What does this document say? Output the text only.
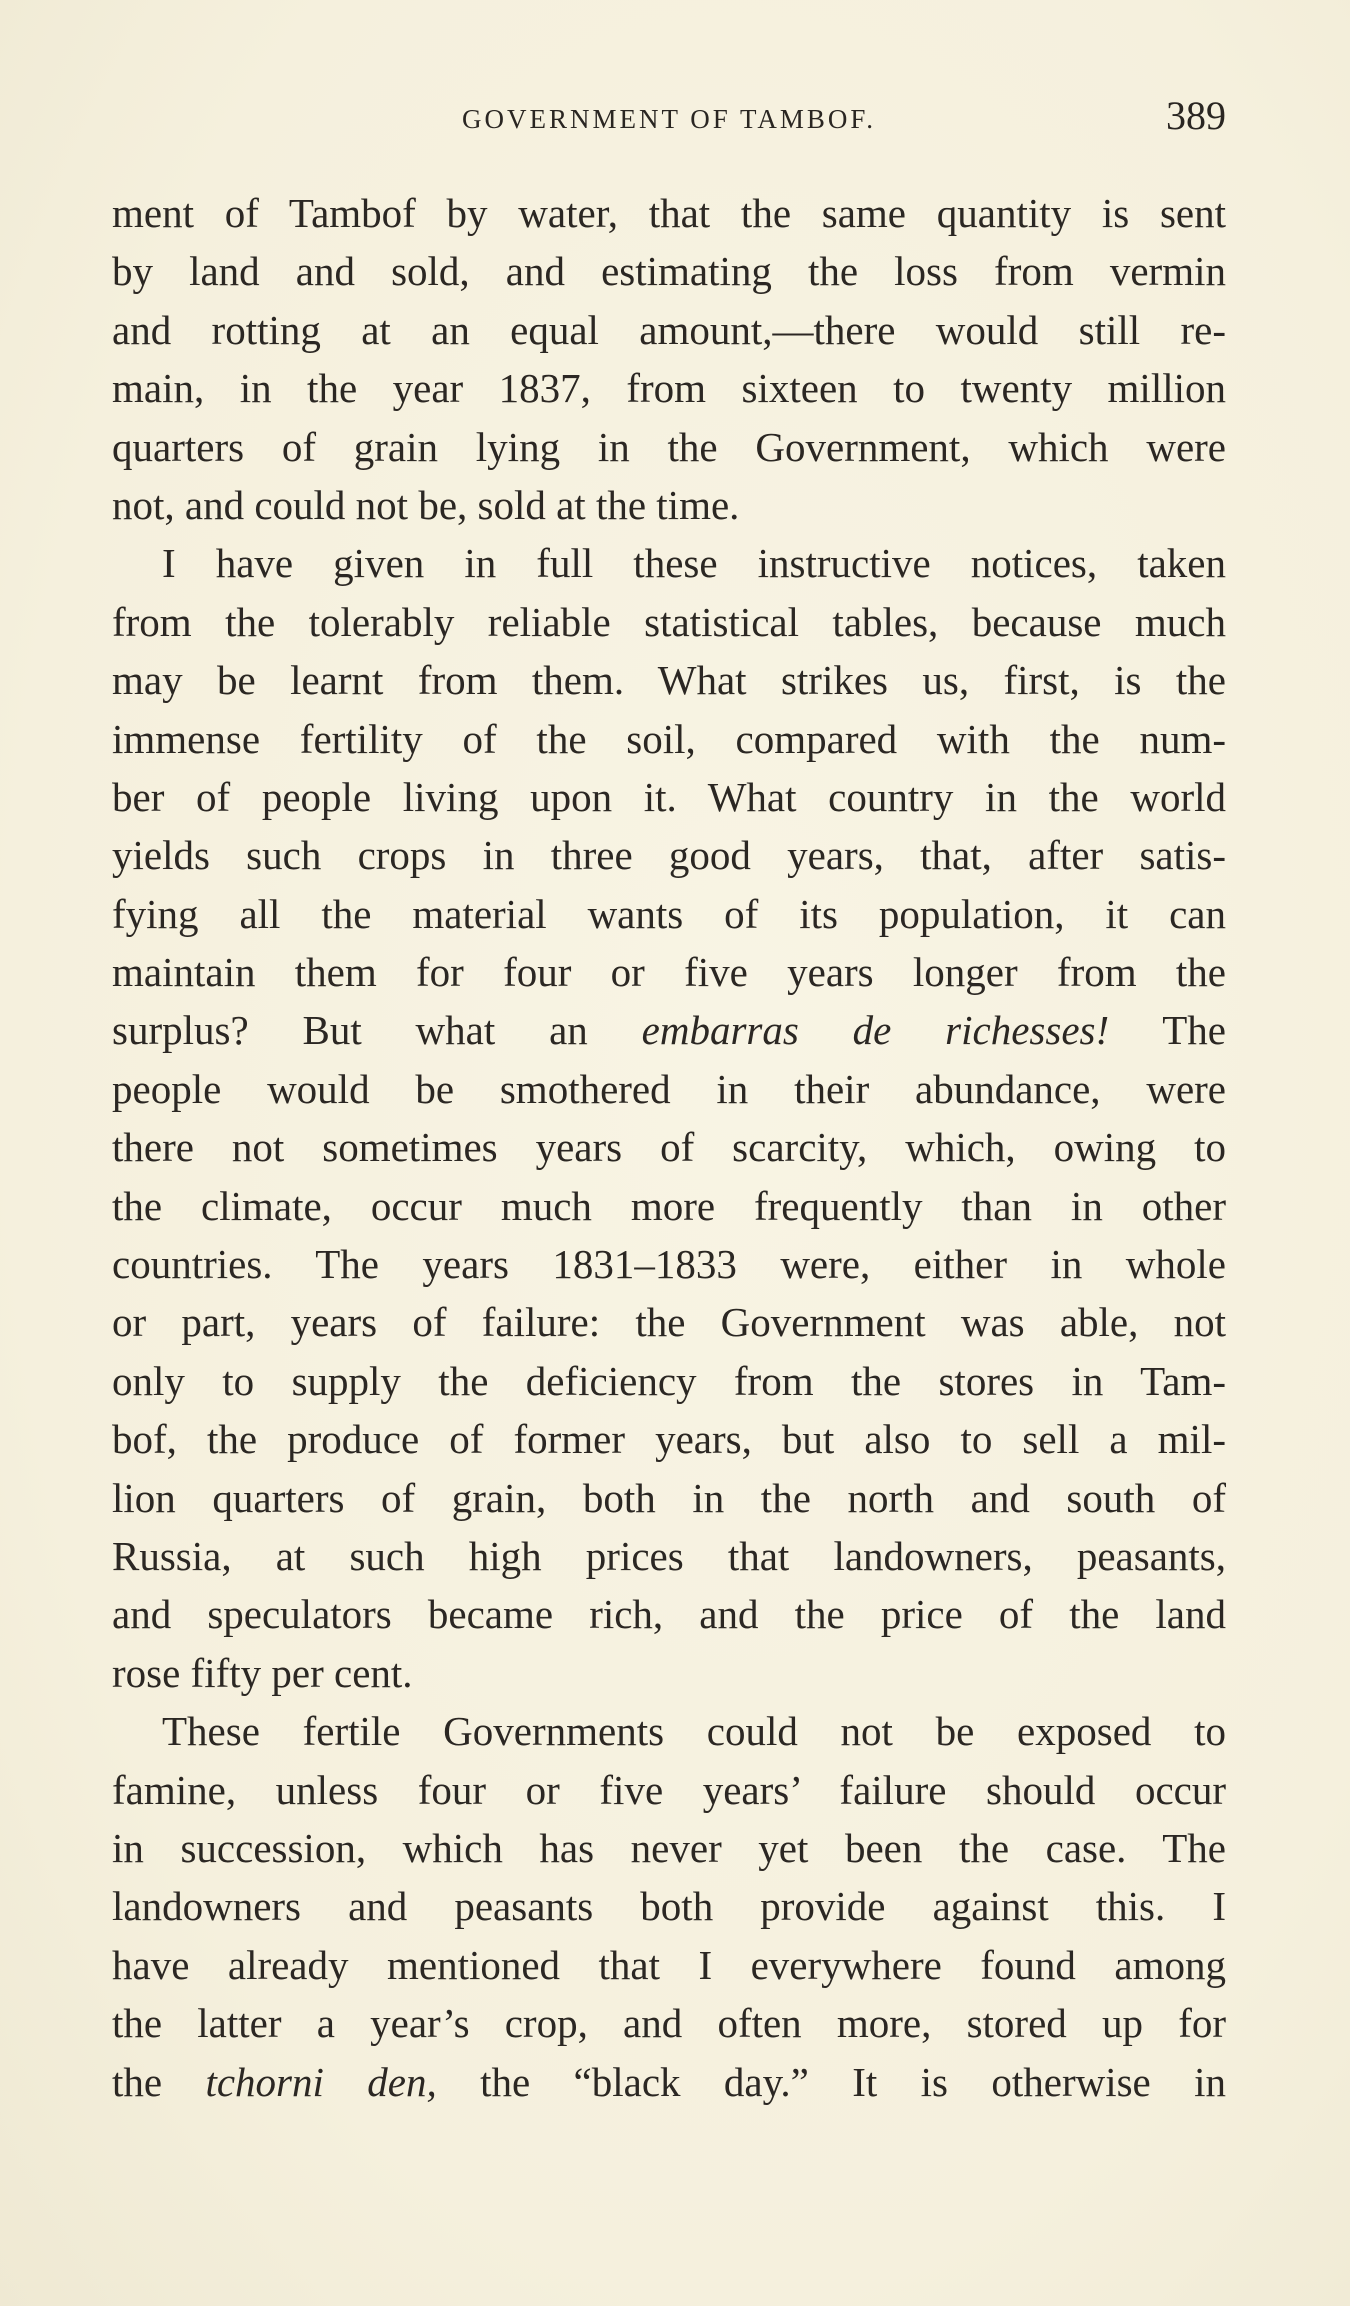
GOVERNMENT OF TAMBOF.	389
ment of Tambof by water, that the same quantity is sent
by land and sold, and estimating the loss from vermin
and rotting at an equal amount,—there would still re-
main, in the year 1837, from sixteen to twenty million
quarters of grain lying in the Government, which were
not, and could not be, sold at the time.
I have given in full these instructive notices, taken
from the tolerably reliable statistical tables, because much
may be learnt from them. What strikes us, first, is the
immense fertility of the soil, compared with the num-
ber of people living upon it. What country in the world
yields such crops in three good years, that, after satis-
fying all the material wants of its population, it can
maintain them for four or five years longer from the
surplus? But what an embarras de richesses! The
people would be smothered in their abundance, were
there not sometimes years of scarcity, which, owing to
the climate, occur much more frequently than in other
countries. The years 1831–1833 were, either in whole
or part, years of failure: the Government was able, not
only to supply the deficiency from the stores in Tam-
bof, the produce of former years, but also to sell a mil-
lion quarters of grain, both in the north and south of
Russia, at such high prices that landowners, peasants,
and speculators became rich, and the price of the land
rose fifty per cent.
These fertile Governments could not be exposed to
famine, unless four or five years’ failure should occur
in succession, which has never yet been the case. The
landowners and peasants both provide against this. I
have already mentioned that I everywhere found among
the latter a year’s crop, and often more, stored up for
the tchorni den, the “black day.” It is otherwise in
